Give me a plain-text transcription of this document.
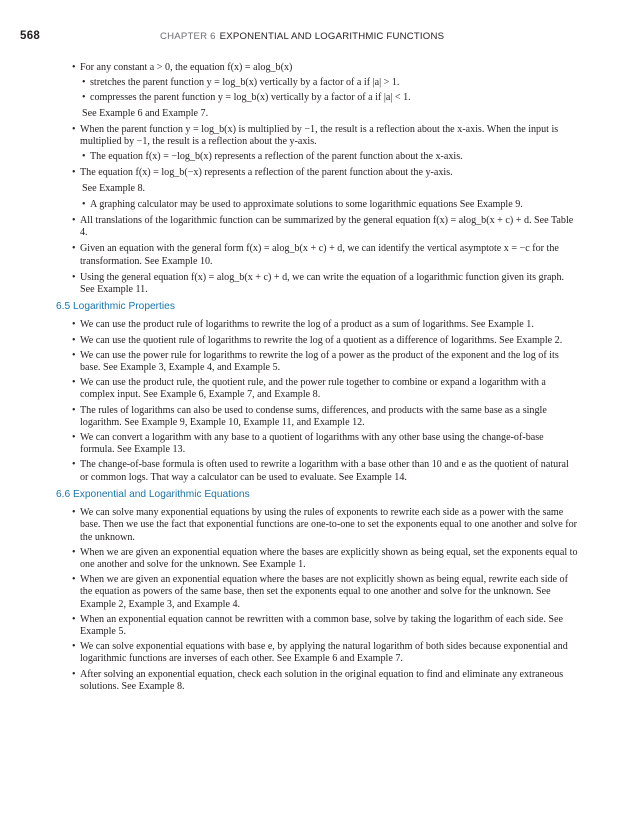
568	CHAPTER 6 EXPONENTIAL AND LOGARITHMIC FUNCTIONS
• For any constant a > 0, the equation f(x) = alog_b(x)
• stretches the parent function y = log_b(x) vertically by a factor of a if |a| > 1.
• compresses the parent function y = log_b(x) vertically by a factor of a if |a| < 1.
See Example 6 and Example 7.
• When the parent function y = log_b(x) is multiplied by −1, the result is a reflection about the x-axis. When the input is multiplied by −1, the result is a reflection about the y-axis.
• The equation f(x) = −log_b(x) represents a reflection of the parent function about the x-axis.
• The equation f(x) = log_b(−x) represents a reflection of the parent function about the y-axis.
See Example 8.
• A graphing calculator may be used to approximate solutions to some logarithmic equations See Example 9.
• All translations of the logarithmic function can be summarized by the general equation f(x) = alog_b(x + c) + d. See Table 4.
• Given an equation with the general form f(x) = alog_b(x + c) + d, we can identify the vertical asymptote x = −c for the transformation. See Example 10.
• Using the general equation f(x) = alog_b(x + c) + d, we can write the equation of a logarithmic function given its graph. See Example 11.
6.5 Logarithmic Properties
• We can use the product rule of logarithms to rewrite the log of a product as a sum of logarithms. See Example 1.
• We can use the quotient rule of logarithms to rewrite the log of a quotient as a difference of logarithms. See Example 2.
• We can use the power rule for logarithms to rewrite the log of a power as the product of the exponent and the log of its base. See Example 3, Example 4, and Example 5.
• We can use the product rule, the quotient rule, and the power rule together to combine or expand a logarithm with a complex input. See Example 6, Example 7, and Example 8.
• The rules of logarithms can also be used to condense sums, differences, and products with the same base as a single logarithm. See Example 9, Example 10, Example 11, and Example 12.
• We can convert a logarithm with any base to a quotient of logarithms with any other base using the change-of-base formula. See Example 13.
• The change-of-base formula is often used to rewrite a logarithm with a base other than 10 and e as the quotient of natural or common logs. That way a calculator can be used to evaluate. See Example 14.
6.6 Exponential and Logarithmic Equations
• We can solve many exponential equations by using the rules of exponents to rewrite each side as a power with the same base. Then we use the fact that exponential functions are one-to-one to set the exponents equal to one another and solve for the unknown.
• When we are given an exponential equation where the bases are explicitly shown as being equal, set the exponents equal to one another and solve for the unknown. See Example 1.
• When we are given an exponential equation where the bases are not explicitly shown as being equal, rewrite each side of the equation as powers of the same base, then set the exponents equal to one another and solve for the unknown. See Example 2, Example 3, and Example 4.
• When an exponential equation cannot be rewritten with a common base, solve by taking the logarithm of each side. See Example 5.
• We can solve exponential equations with base e, by applying the natural logarithm of both sides because exponential and logarithmic functions are inverses of each other. See Example 6 and Example 7.
• After solving an exponential equation, check each solution in the original equation to find and eliminate any extraneous solutions. See Example 8.
